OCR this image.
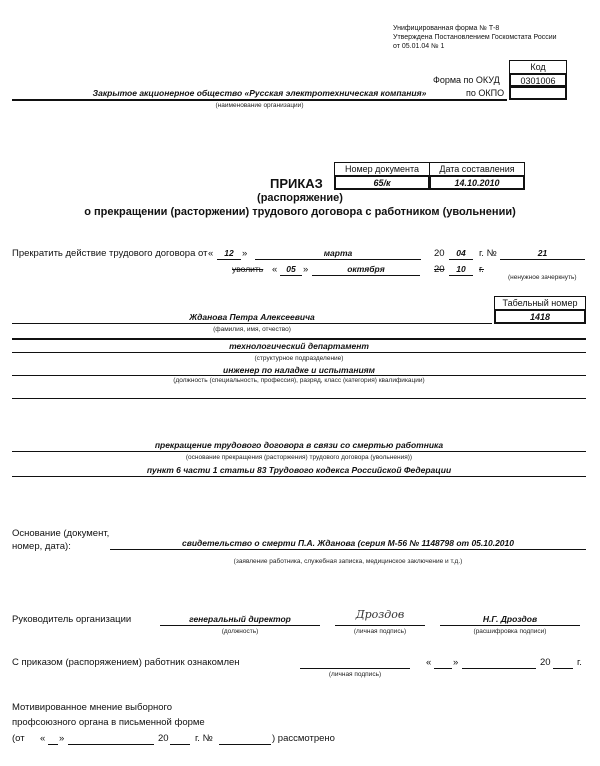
Унифицированная форма № Т-8
Утверждена Постановлением Госкомстата России
от 05.01.04 № 1
Код
0301006
Форма по ОКУД
по ОКПО
Закрытое акционерное общество «Русская электротехническая компания»
(наименование организации)
Номер документа	Дата составления
65/к	14.10.2010
ПРИКАЗ
(распоряжение)
о прекращении (расторжении) трудового договора с работником (увольнении)
Прекратить действие трудового договора от «	12 »	марта	20	04	г. №	21
уволить «	05 »	октября	20	10	г.
(ненужное зачеркнуть)
Табельный номер
1418
Жданова Петра Алексеевича
(фамилия, имя, отчество)
технологический департамент
(структурное подразделение)
инженер по наладке и испытаниям
(должность (специальность, профессия), разряд, класс (категория) квалификации)
прекращение трудового договора в связи со смертью работника
(основание прекращения (расторжения) трудового договора (увольнения))
пункт 6 части 1 статьи 83 Трудового кодекса Российской Федерации
Основание (документ,
номер, дата):	свидетельство о смерти П.А. Жданова (серия М-56 № 1148798 от 05.10.2010
(заявление работника, служебная записка, медицинское заключение и т.д.)
Руководитель организации	генеральный директор
(должность)
Дроздов
(личная подпись)
Н.Г. Дроздов
(расшифровка подписи)
С приказом (распоряжением) работник ознакомлен
(личная подпись)
« »	20	г.
Мотивированное мнение выборного
профсоюзного органа в письменной форме
(от « »	20	г. №	) рассмотрено
